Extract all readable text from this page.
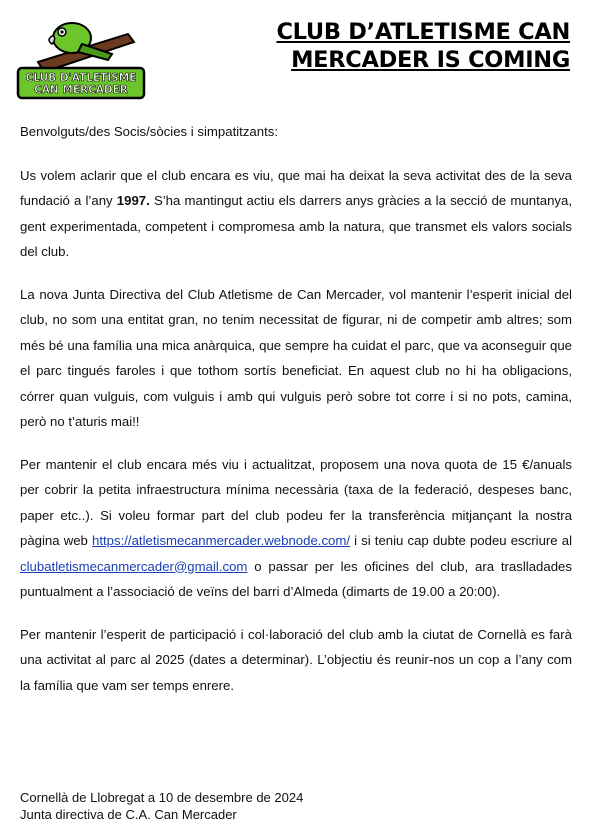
CLUB D'ATLETISME
CAN MERCADER
CLUB D’ATLETISME CAN
MERCADER IS COMING

Benvolguts/des Socis/sòcies i simpatitzants:

Us volem aclarir que el club encara es viu, que mai ha deixat la seva activitat des de la seva fundació a l’any 1997. S’ha mantingut actiu els darrers anys gràcies a la secció de muntanya, gent experimentada, competent i compromesa amb la natura, que transmet els valors socials del club.

La nova Junta Directiva del Club Atletisme de Can Mercader, vol mantenir l’esperit inicial del club, no som una entitat gran, no tenim necessitat de figurar, ni de competir amb altres; som més bé una família una mica anàrquica, que sempre ha cuidat el parc, que va aconseguir que el parc tingués faroles i que tothom sortís beneficiat. En aquest club no hi ha obligacions, córrer quan vulguis, com vulguis i amb qui vulguis però sobre tot corre i si no pots, camina, però no t’aturis mai!!

Per mantenir el club encara més viu i actualitzat, proposem una nova quota de 15 €/anuals per cobrir la petita infraestructura mínima necessària (taxa de la federació, despeses banc, paper etc..). Si voleu formar part del club podeu fer la transferència mitjançant la nostra pàgina web https://atletismecanmercader.webnode.com/ i si teniu cap dubte podeu escriure al clubatletismecanmercader@gmail.com o passar per les oficines del club, ara traslladades puntualment a l’associació de veïns del barri d’Almeda (dimarts de 19.00 a 20:00).

Per mantenir l’esperit de participació i col·laboració del club amb la ciutat de Cornellà es farà una activitat al parc al 2025 (dates a determinar). L’objectiu és reunir-nos un cop a l’any com la família que vam ser temps enrere.

Cornellà de Llobregat a 10 de desembre de 2024
Junta directiva de C.A. Can Mercader
